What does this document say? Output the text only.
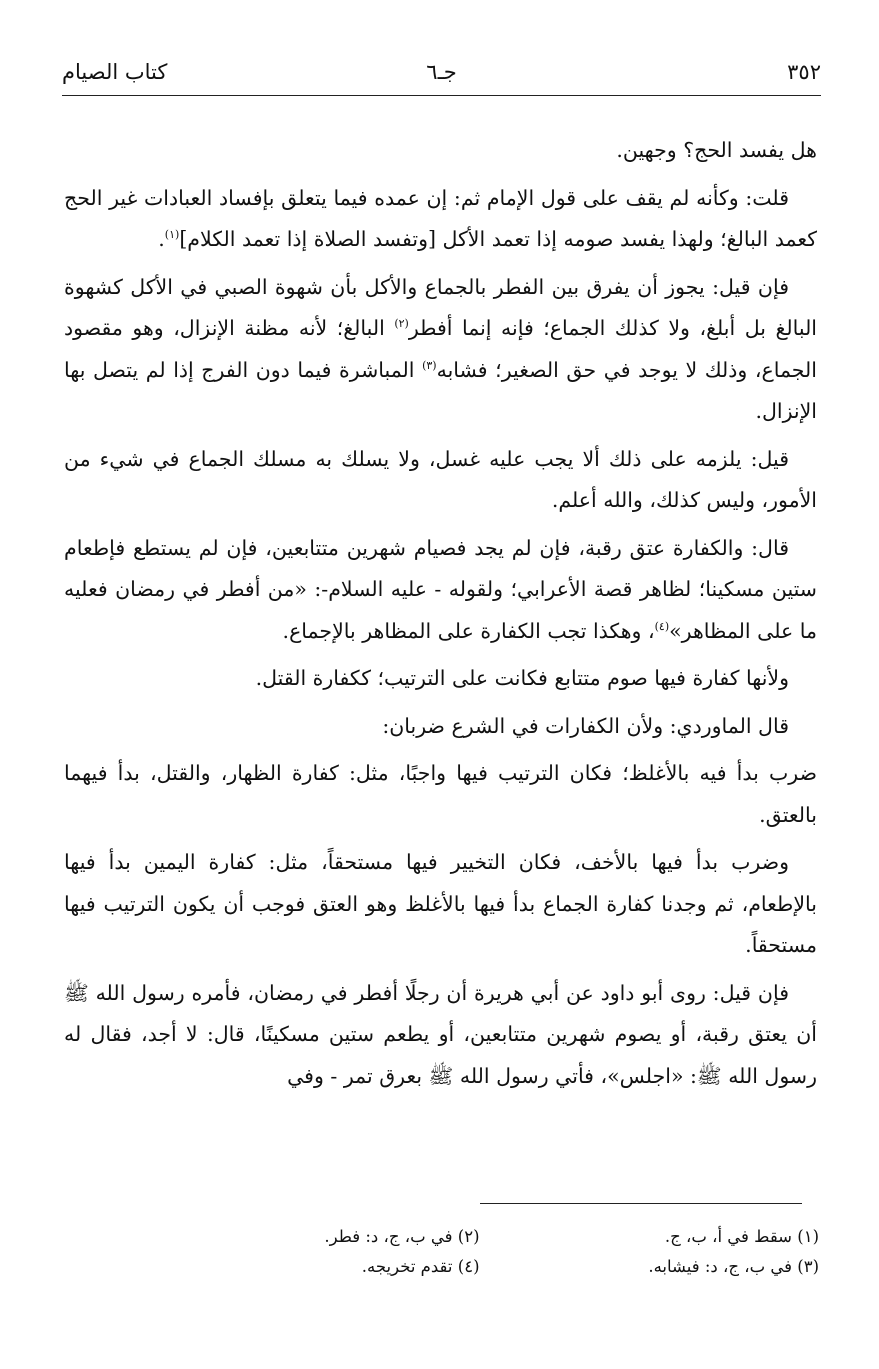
٣٥٢
جـ٦
كتاب الصيام

هل يفسد الحج؟ وجهين.

قلت: وكأنه لم يقف على قول الإمام ثم: إن عمده فيما يتعلق بإفساد العبادات غير الحج كعمد البالغ؛ ولهذا يفسد صومه إذا تعمد الأكل [وتفسد الصلاة إذا تعمد الكلام]$^{(١)}$.

فإن قيل: يجوز أن يفرق بين الفطر بالجماع والأكل بأن شهوة الصبي في الأكل كشهوة البالغ بل أبلغ، ولا كذلك الجماع؛ فإنه إنما أفطر$^{(٢)}$ البالغ؛ لأنه مظنة الإنزال، وهو مقصود الجماع، وذلك لا يوجد في حق الصغير؛ فشابه$^{(٣)}$ المباشرة فيما دون الفرج إذا لم يتصل بها الإنزال.

قيل: يلزمه على ذلك ألا يجب عليه غسل، ولا يسلك به مسلك الجماع في شيء من الأمور، وليس كذلك، والله أعلم.

قال: والكفارة عتق رقبة، فإن لم يجد فصيام شهرين متتابعين، فإن لم يستطع فإطعام ستين مسكينا؛ لظاهر قصة الأعرابي؛ ولقوله - عليه السلام-: «من أفطر في رمضان فعليه ما على المظاهر»$^{(٤)}$، وهكذا تجب الكفارة على المظاهر بالإجماع.

ولأنها كفارة فيها صوم متتابع فكانت على الترتيب؛ ككفارة القتل.

قال الماوردي: ولأن الكفارات في الشرع ضربان:

ضرب بدأ فيه بالأغلظ؛ فكان الترتيب فيها واجبًا، مثل: كفارة الظهار، والقتل، بدأ فيهما بالعتق.

وضرب بدأ فيها بالأخف، فكان التخيير فيها مستحقاً، مثل: كفارة اليمين بدأ فيها بالإطعام، ثم وجدنا كفارة الجماع بدأ فيها بالأغلظ وهو العتق فوجب أن يكون الترتيب فيها مستحقاً.

فإن قيل: روى أبو داود عن أبي هريرة أن رجلًا أفطر في رمضان، فأمره رسول الله ﷺ أن يعتق رقبة، أو يصوم شهرين متتابعين، أو يطعم ستين مسكينًا، قال: لا أجد، فقال له رسول الله ﷺ: «اجلس»، فأتي رسول الله ﷺ بعرق تمر - وفي

(١) سقط في أ، ب، ج.
(٢) في ب، ج، د: فطر.
(٣) في ب، ج، د: فيشابه.
(٤) تقدم تخريجه.
